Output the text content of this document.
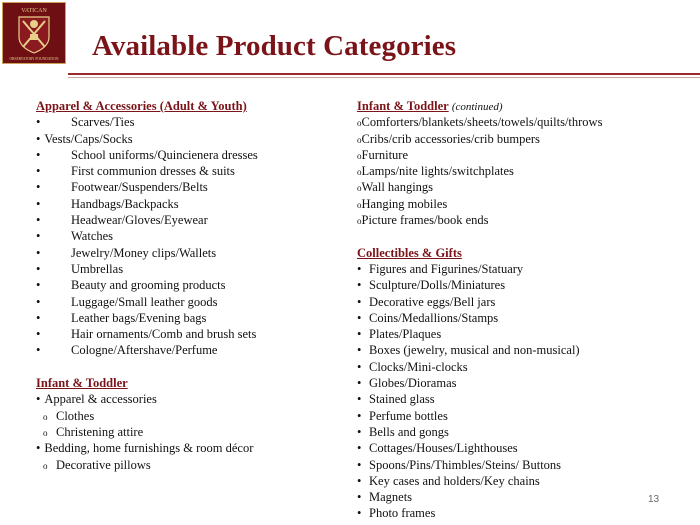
VATICAN
OBSERVATORY FOUNDATION Available Product Categories
Apparel & Accessories (Adult & Youth)
• Scarves/Ties
• Vests/Caps/Socks
• School uniforms/Quincienera dresses
• First communion dresses & suits
• Footwear/Suspenders/Belts
• Handbags/Backpacks
• Headwear/Gloves/Eyewear
• Watches
• Jewelry/Money clips/Wallets
• Umbrellas
• Beauty and grooming products
• Luggage/Small leather goods
• Leather bags/Evening bags
• Hair ornaments/Comb and brush sets
• Cologne/Aftershave/Perfume
Infant & Toddler
• Apparel & accessories
o Clothes
o Christening attire
• Bedding, home furnishings & room décor
o Decorative pillows
Infant & Toddler (continued)
oComforters/blankets/sheets/towels/quilts/throws
oCribs/crib accessories/crib bumpers
oFurniture
oLamps/nite lights/switchplates
oWall hangings
oHanging mobiles
oPicture frames/book ends
Collectibles & Gifts
• Figures and Figurines/Statuary
• Sculpture/Dolls/Miniatures
• Decorative eggs/Bell jars
• Coins/Medallions/Stamps
• Plates/Plaques
• Boxes (jewelry, musical and non-musical)
• Clocks/Mini-clocks
• Globes/Dioramas
• Stained glass
• Perfume bottles
• Bells and gongs
• Cottages/Houses/Lighthouses
• Spoons/Pins/Thimbles/Steins/ Buttons
• Key cases and holders/Key chains
• Magnets
• Photo frames
13
